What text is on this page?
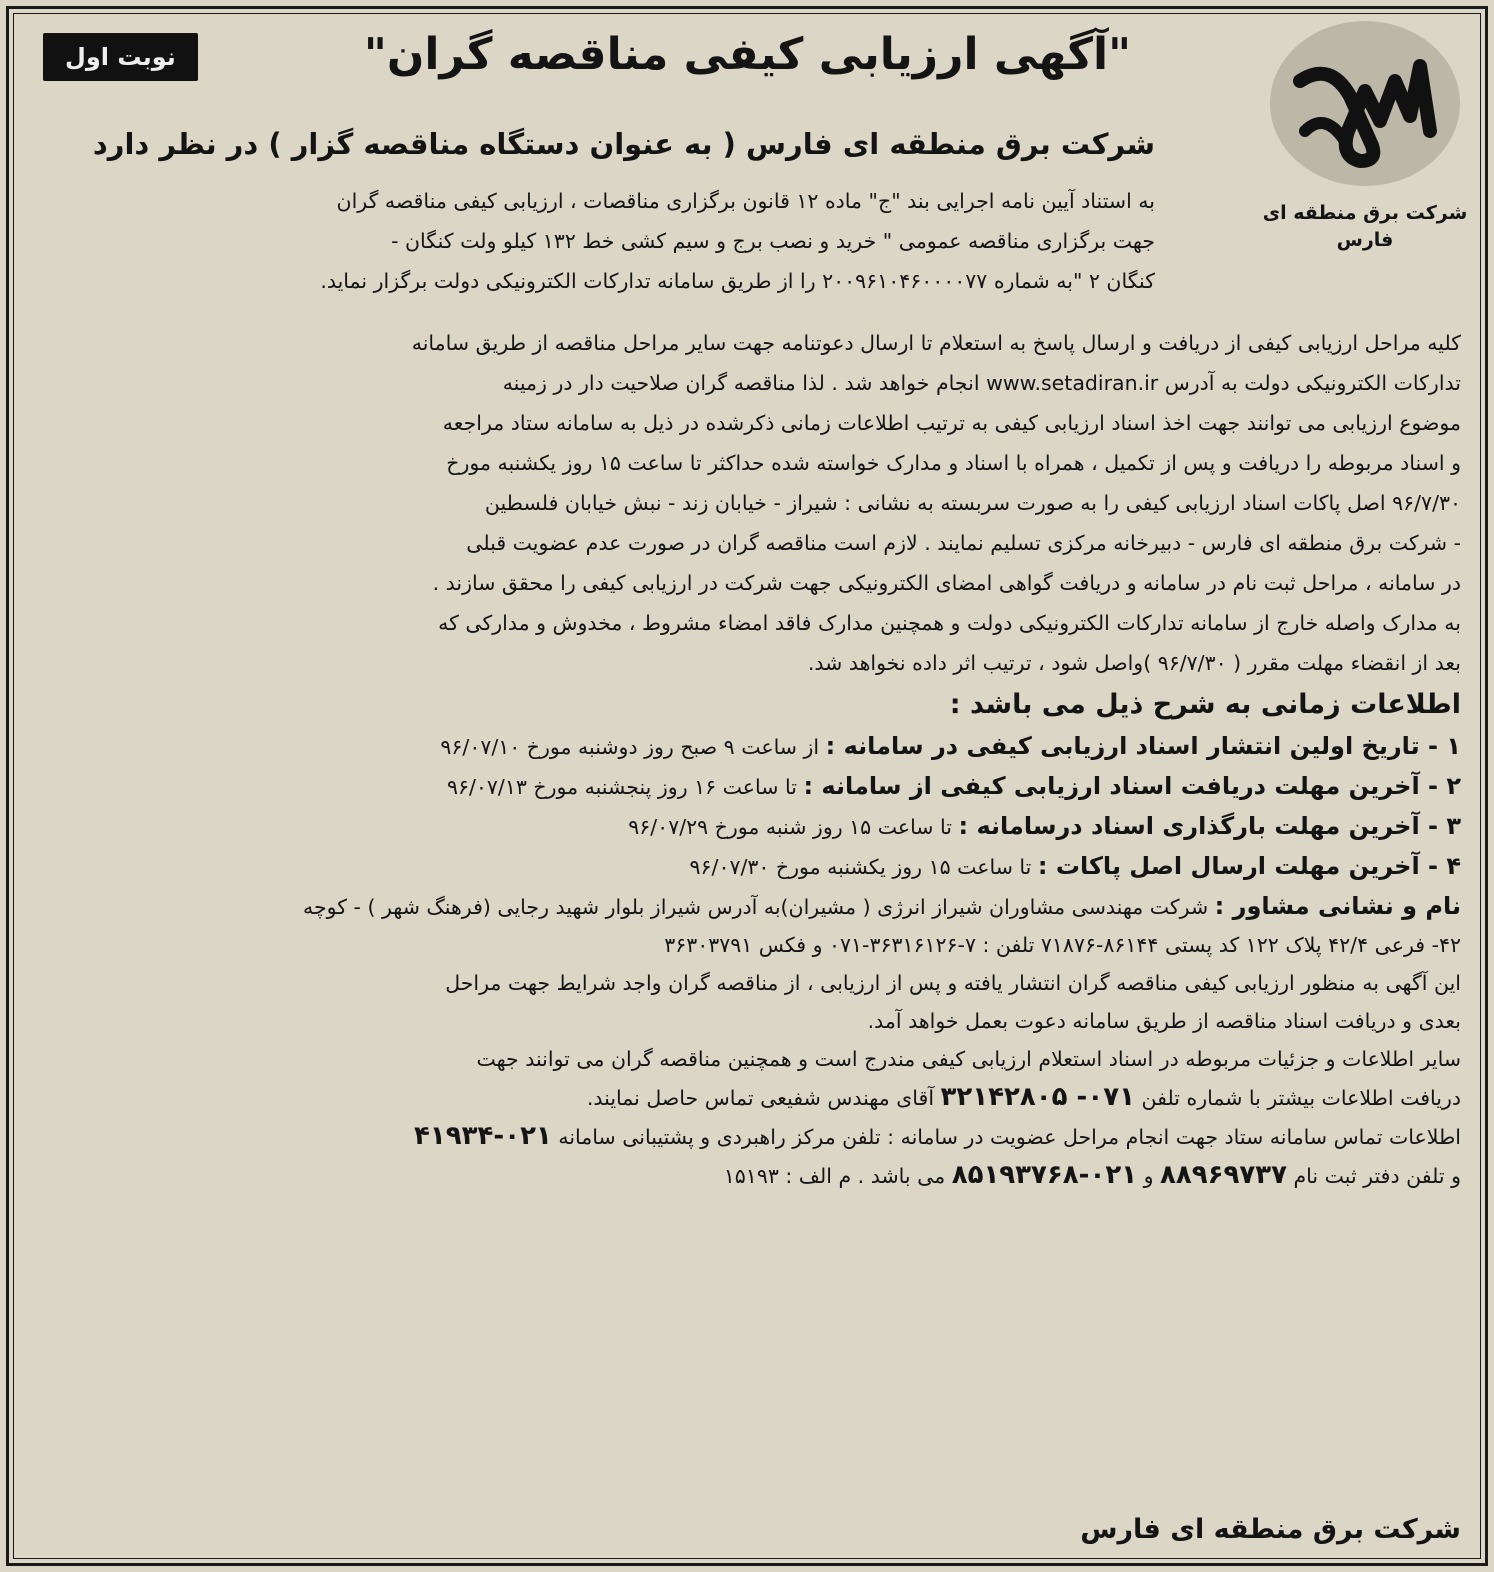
"آگهی ارزیابی کیفی مناقصه گران"
نوبت اول
شرکت برق منطقه ای
فارس
شرکت برق منطقه ای فارس ( به عنوان دستگاه مناقصه گزار ) در نظر دارد

به استناد آیین نامه اجرایی بند "ج" ماده ۱۲ قانون برگزاری مناقصات ، ارزیابی کیفی مناقصه گران

جهت برگزاری مناقصه عمومی " خرید و نصب برج و سیم کشی خط ۱۳۲ کیلو ولت کنگان -

کنگان ۲ "به شماره ۲۰۰۹۶۱۰۴۶۰۰۰۰۷۷ را از طریق سامانه تدارکات الکترونیکی دولت برگزار نماید.

کلیه مراحل ارزیابی کیفی از دریافت و ارسال پاسخ به استعلام تا ارسال دعوتنامه جهت سایر مراحل مناقصه از طریق سامانه

تدارکات الکترونیکی دولت به آدرس www.setadiran.ir انجام خواهد شد . لذا مناقصه گران صلاحیت دار در زمینه

موضوع ارزیابی می توانند جهت اخذ اسناد ارزیابی کیفی به ترتیب اطلاعات زمانی ذکرشده در ذیل به سامانه ستاد مراجعه

و اسناد مربوطه را دریافت و پس از تکمیل ، همراه با اسناد و مدارک خواسته شده حداکثر تا ساعت ۱۵ روز یکشنبه مورخ

۹۶/۷/۳۰ اصل پاکات اسناد ارزیابی کیفی را به صورت سربسته به نشانی : شیراز - خیابان زند - نبش خیابان فلسطین

- شرکت برق منطقه ای فارس - دبیرخانه مرکزی تسلیم نمایند . لازم است مناقصه گران در صورت عدم عضویت قبلی

در سامانه ، مراحل ثبت نام در سامانه و دریافت گواهی امضای الکترونیکی جهت شرکت در ارزیابی کیفی را محقق سازند .

به مدارک واصله خارج از سامانه تدارکات الکترونیکی دولت و همچنین مدارک فاقد امضاء مشروط ، مخدوش و مدارکی که

بعد از انقضاء مهلت مقرر ( ۹۶/۷/۳۰ )واصل شود ، ترتیب اثر داده نخواهد شد.

اطلاعات زمانی به شرح ذیل می باشد :

۱ - تاریخ اولین انتشار اسناد ارزیابی کیفی در سامانه : از ساعت ۹ صبح روز دوشنبه مورخ ۹۶/۰۷/۱۰

۲ - آخرین مهلت دریافت اسناد ارزیابی کیفی از سامانه : تا ساعت ۱۶ روز پنجشنبه مورخ ۹۶/۰۷/۱۳

۳ - آخرین مهلت بارگذاری اسناد درسامانه : تا ساعت ۱۵ روز شنبه مورخ ۹۶/۰۷/۲۹

۴ - آخرین مهلت ارسال اصل پاکات : تا ساعت ۱۵ روز یکشنبه مورخ ۹۶/۰۷/۳۰

نام و نشانی مشاور : شرکت مهندسی مشاوران شیراز انرژی ( مشیران)به آدرس شیراز بلوار شهید رجایی (فرهنگ شهر ) - کوچه

۴۲- فرعی ۴۲/۴ پلاک ۱۲۲ کد پستی ۸۶۱۴۴-۷۱۸۷۶ تلفن : ۷-۳۶۳۱۶۱۲۶-۰۷۱ و فکس ۳۶۳۰۳۷۹۱

این آگهی به منظور ارزیابی کیفی مناقصه گران انتشار یافته و پس از ارزیابی ، از مناقصه گران واجد شرایط جهت مراحل

بعدی و دریافت اسناد مناقصه از طریق سامانه دعوت بعمل خواهد آمد.

سایر اطلاعات و جزئیات مربوطه در اسناد استعلام ارزیابی کیفی مندرج است و همچنین مناقصه گران می توانند جهت

دریافت اطلاعات بیشتر با شماره تلفن ۰۷۱- ۳۲۱۴۲۸۰۵ آقای مهندس شفیعی تماس حاصل نمایند.

اطلاعات تماس سامانه ستاد جهت انجام مراحل عضویت در سامانه : تلفن مرکز راهبردی و پشتیبانی سامانه ۰۲۱-۴۱۹۳۴

و تلفن دفتر ثبت نام ۸۸۹۶۹۷۳۷ و ۰۲۱-۸۵۱۹۳۷۶۸ می باشد . م الف : ۱۵۱۹۳

شرکت برق منطقه ای فارس
